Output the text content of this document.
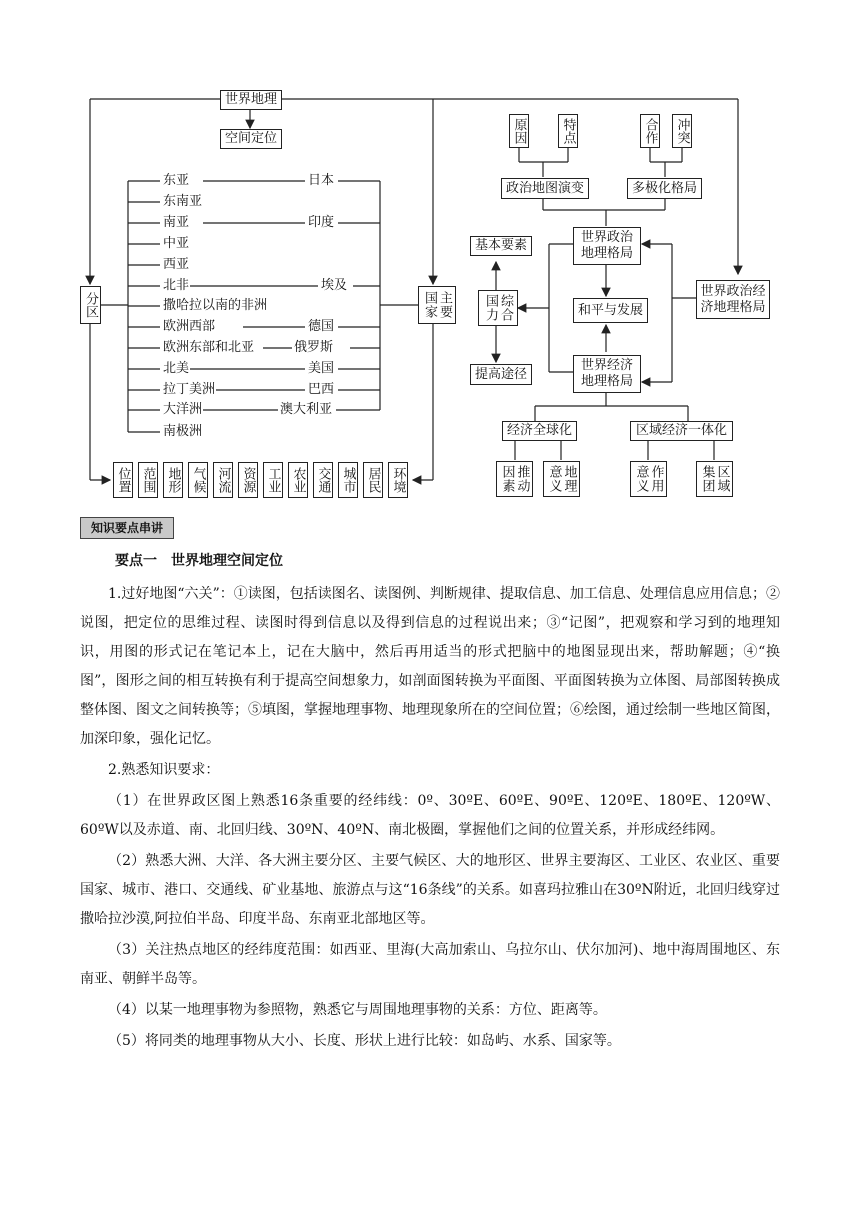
世界地理
空间定位
分区	主要国家
东亚
东南亚
南亚
中亚
西亚
北非
撒哈拉以南的非洲
欧洲西部
欧洲东部和北亚
北美
拉丁美洲
大洋洲
南极洲
日本
印度
埃及
德国
俄罗斯
美国
巴西
澳大利亚
位置 范围 地形 气候 河流 资源 工业 农业 交通 城市 居民 环境
原因	特点	合作 冲突
政治地图演变	多极化格局
世界政治地理格局
基本要素
综合国力
提高途径
和平与发展
世界经济地理格局
世界政治经济地理格局
经济全球化	区域经济一体化
推动因素	地理意义	作用意义	区域集团
知识要点串讲
要点一　世界地理空间定位

1.过好地图“六关”：①读图，包括读图名、读图例、判断规律、提取信息、加工信息、处理信息应用信息；②说图，把定位的思维过程、读图时得到信息以及得到信息的过程说出来；③“记图”，把观察和学习到的地理知识，用图的形式记在笔记本上，记在大脑中，然后再用适当的形式把脑中的地图显现出来，帮助解题；④“换图”，图形之间的相互转换有利于提高空间想象力，如剖面图转换为平面图、平面图转换为立体图、局部图转换成整体图、图文之间转换等；⑤填图，掌握地理事物、地理现象所在的空间位置；⑥绘图，通过绘制一些地区简图，加深印象，强化记忆。

2.熟悉知识要求：

（1）在世界政区图上熟悉16条重要的经纬线：0º、30ºE、60ºE、90ºE、120ºE、180ºE、120ºW、60ºW以及赤道、南、北回归线、30ºN、40ºN、南北极圈，掌握他们之间的位置关系，并形成经纬网。

（2）熟悉大洲、大洋、各大洲主要分区、主要气候区、大的地形区、世界主要海区、工业区、农业区、重要国家、城市、港口、交通线、矿业基地、旅游点与这“16条线”的关系。如喜玛拉雅山在30ºN附近，北回归线穿过撒哈拉沙漠,阿拉伯半岛、印度半岛、东南亚北部地区等。

（3）关注热点地区的经纬度范围：如西亚、里海(大高加索山、乌拉尔山、伏尔加河)、地中海周围地区、东南亚、朝鲜半岛等。

（4）以某一地理事物为参照物，熟悉它与周围地理事物的关系：方位、距离等。

（5）将同类的地理事物从大小、长度、形状上进行比较：如岛屿、水系、国家等。
